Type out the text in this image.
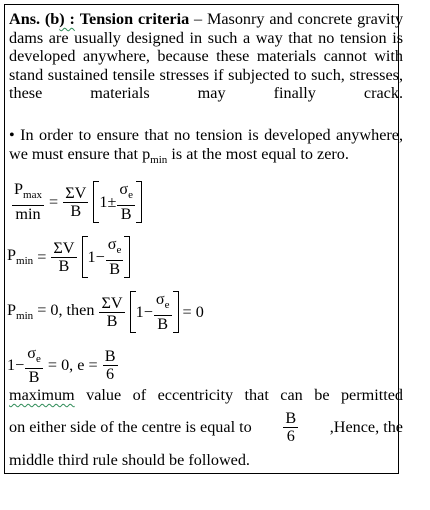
Ans. (b) : Tension criteria – Masonry and concrete gravity dams are usually designed in such a way that no tension is developed anywhere, because these materials cannot with stand sustained tensile stresses if subjected to such, stresses, these materials may finally crack.
• In order to ensure that no tension is developed anywhere, we must ensure that $p_{min}$ is at the most equal to zero.
$\frac{P_{max}}{\min} = \frac{\Sigma V}{B} 1\pm \frac{\sigma_e}{B}$
$P_{min} = \frac{\Sigma V}{B} 1- \frac{\sigma_e}{B}$
$P_{min} = 0$, then $\frac{\Sigma V}{B} 1- \frac{\sigma_e}{B} = 0$
$1- \frac{\sigma_e}{B} = 0$, $e = \frac{B}{6}$
maximum value of eccentricity that can be permitted
on either side of the centre is equal to $\frac{B}{6}$ ,Hence, the
middle third rule should be followed.
